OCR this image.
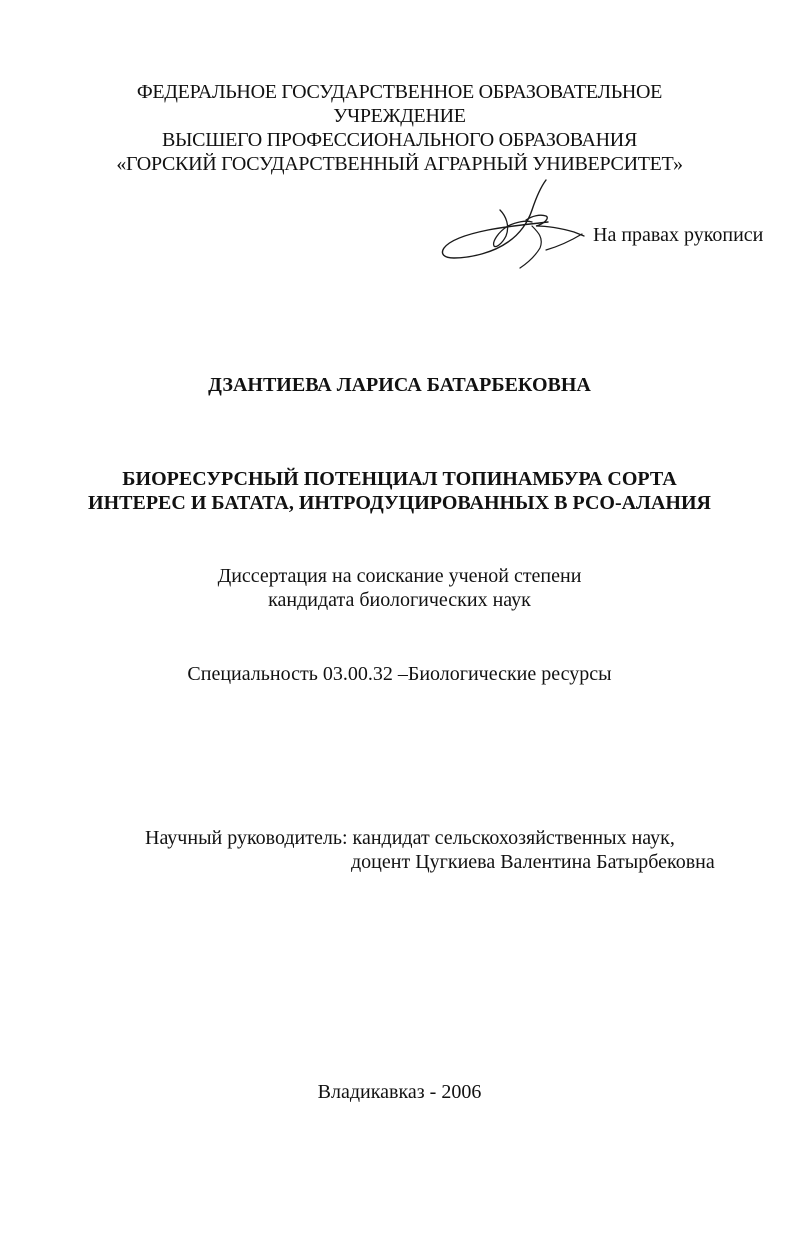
ФЕДЕРАЛЬНОЕ ГОСУДАРСТВЕННОЕ ОБРАЗОВАТЕЛЬНОЕ
УЧРЕЖДЕНИЕ
ВЫСШЕГО ПРОФЕССИОНАЛЬНОГО ОБРАЗОВАНИЯ
«ГОРСКИЙ ГОСУДАРСТВЕННЫЙ АГРАРНЫЙ УНИВЕРСИТЕТ»
На правах рукописи
ДЗАНТИЕВА ЛАРИСА БАТАРБЕКОВНА
БИОРЕСУРСНЫЙ ПОТЕНЦИАЛ ТОПИНАМБУРА СОРТА
ИНТЕРЕС И БАТАТА, ИНТРОДУЦИРОВАННЫХ В РСО-АЛАНИЯ
Диссертация на соискание ученой степени
кандидата биологических наук
Специальность 03.00.32 –Биологические ресурсы
Научный руководитель: кандидат сельскохозяйственных наук,
доцент Цугкиева Валентина Батырбековна
Владикавказ - 2006
